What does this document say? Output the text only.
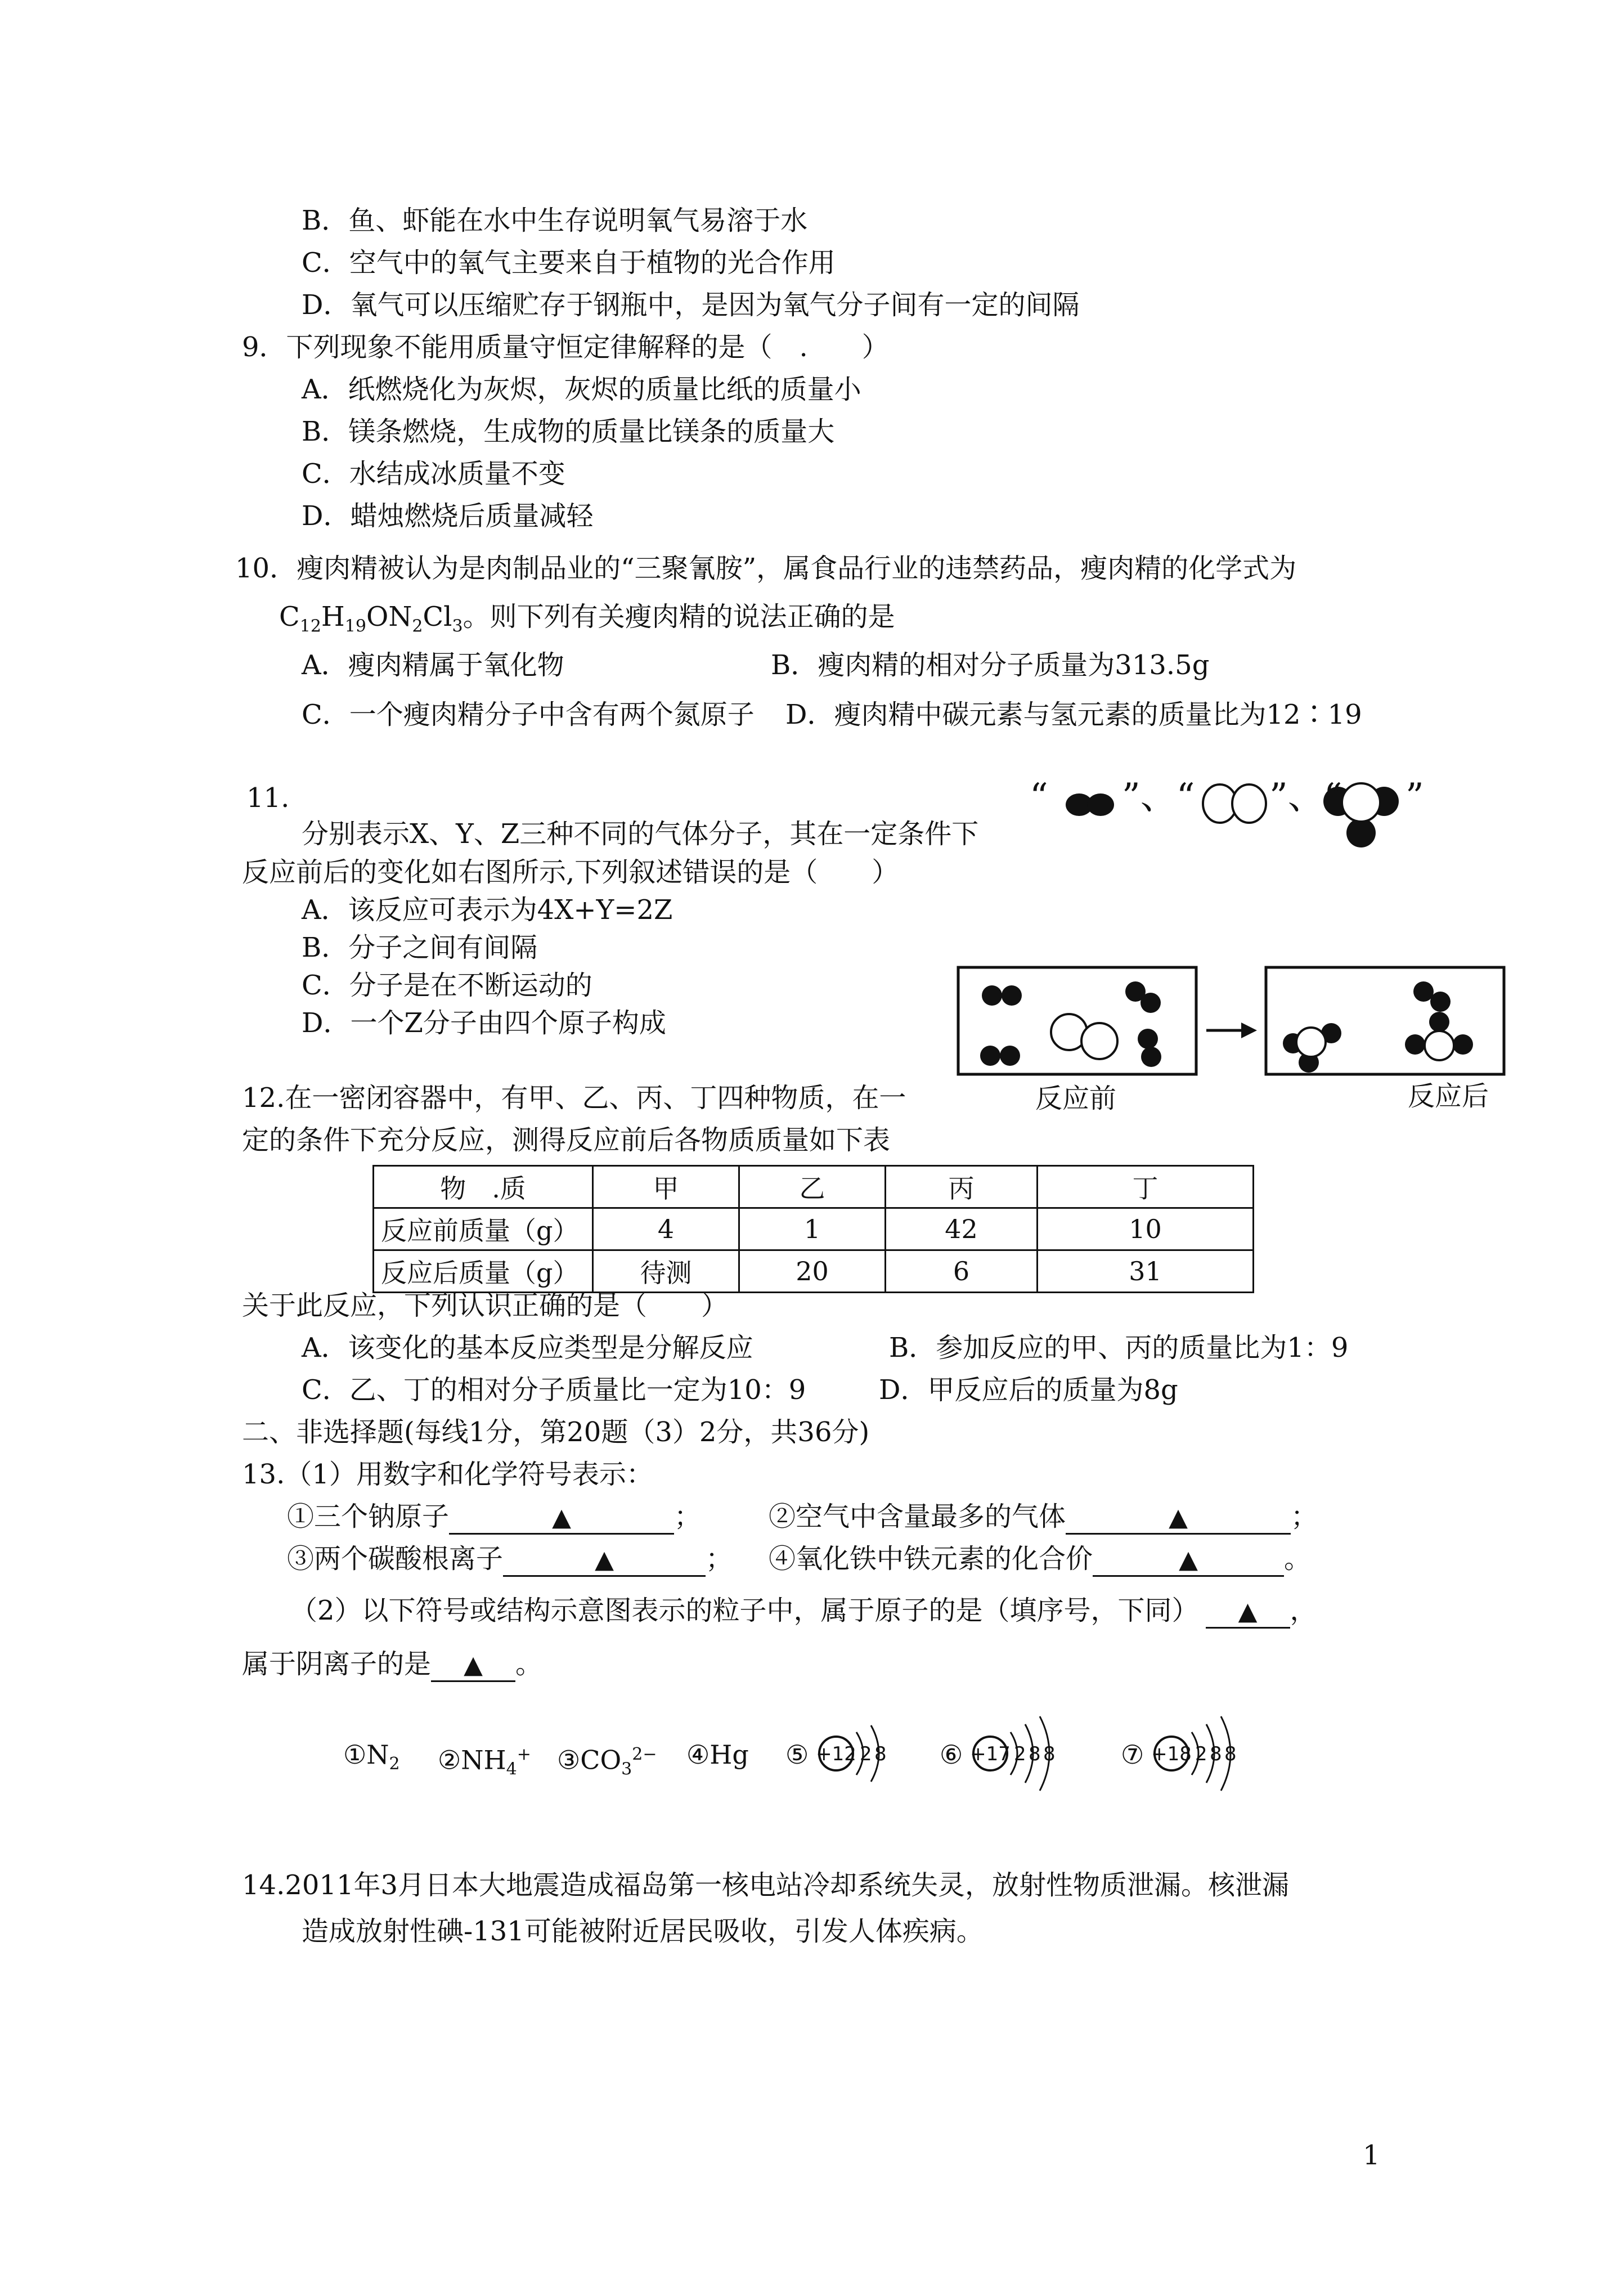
B．鱼、虾能在水中生存说明氧气易溶于水

C．空气中的氧气主要来自于植物的光合作用

D．氧气可以压缩贮存于钢瓶中，是因为氧气分子间有一定的间隔

9．下列现象不能用质量守恒定律解释的是（　.　　）

A．纸燃烧化为灰烬，灰烬的质量比纸的质量小

B．镁条燃烧，生成物的质量比镁条的质量大

C．水结成冰质量不变

D．蜡烛燃烧后质量减轻

10．瘦肉精被认为是肉制品业的“三聚氰胺”，属食品行业的违禁药品，瘦肉精的化学式为

$C_{12}H_{19}ON_2Cl_3$。则下列有关瘦肉精的说法正确的是

A．瘦肉精属于氧化物	B．瘦肉精的相对分子质量为313.5g

C．一个瘦肉精分子中含有两个氮原子 D．瘦肉精中碳元素与氢元素的质量比为12∶19

11.	“ ”、“ ”、“ ”

分别表示X、Y、Z三种不同的气体分子，其在一定条件下

反应前后的变化如右图所示,下列叙述错误的是（　　）

A．该反应可表示为4X+Y=2Z

B．分子之间有间隔

C．分子是在不断运动的

D．一个Z分子由四个原子构成

反应前	反应后

12.在一密闭容器中，有甲、乙、丙、丁四种物质，在一

定的条件下充分反应，测得反应前后各物质质量如下表

物　.质	甲	乙	丙	丁
反应前质量（g）	4	1	42	10
反应后质量（g）	待测	20	6	31

关于此反应，下列认识正确的是（　　）

A．该变化的基本反应类型是分解反应	B．参加反应的甲、丙的质量比为1：9

C．乙、丁的相对分子质量比一定为10：9	D．甲反应后的质量为8g

二、非选择题(每线1分，第20题（3）2分，共36分)

13.（1）用数字和化学符号表示：

①三个钠原子	▲	； ②空气中含量最多的气体	▲	；

③两个碳酸根离子	▲	； ④氧化铁中铁元素的化合价	▲	。

（2）以下符号或结构示意图表示的粒子中，属于原子的是（填序号，下同） ▲ ，

属于阴离子的是 ▲ 。

$①N_2$ $②NH_4^+$ $③CO_3^{2-}$ ④Hg ⑤ +12 2 8 ⑥ +17 2 8 8	⑦ +18 2 8 8

14.2011年3月日本大地震造成福岛第一核电站冷却系统失灵，放射性物质泄漏。核泄漏

造成放射性碘-131可能被附近居民吸收，引发人体疾病。

1
